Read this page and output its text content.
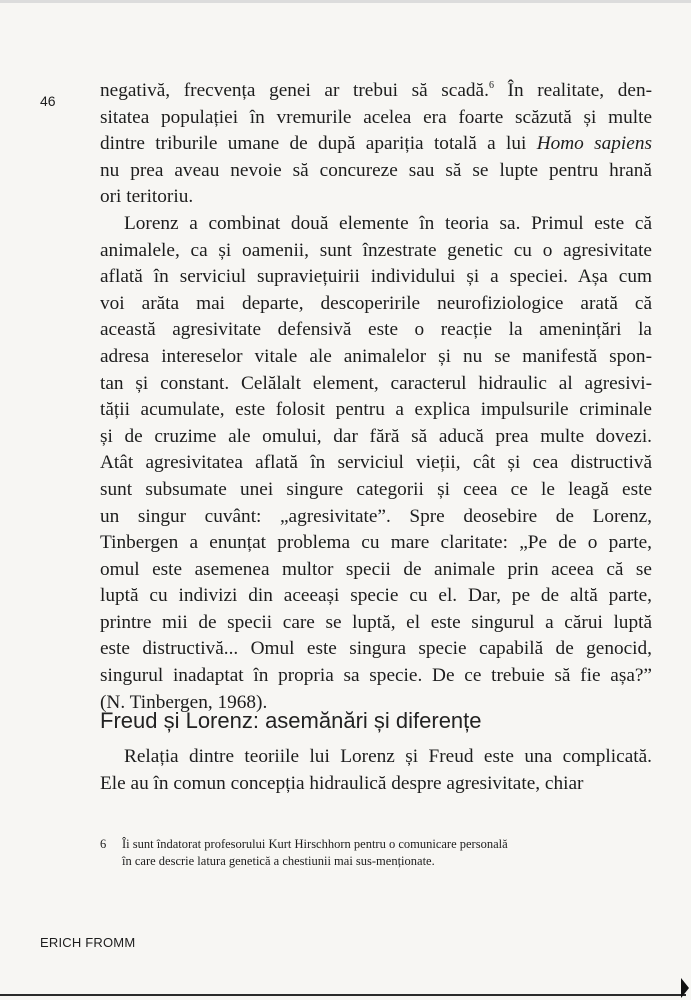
46 negativă, frecvența genei ar trebui să scadă.$^6$ În realitate, den-
sitatea populației în vremurile acelea era foarte scăzută și multe
dintre triburile umane de după apariția totală a lui Homo sapiens
nu prea aveau nevoie să concureze sau să se lupte pentru hrană
ori teritoriu.
Lorenz a combinat două elemente în teoria sa. Primul este că
animalele, ca și oamenii, sunt înzestrate genetic cu o agresivitate
aflată în serviciul supraviețuirii individului și a speciei. Așa cum
voi arăta mai departe, descoperirile neurofiziologice arată că
această agresivitate defensivă este o reacție la amenințări la
adresa intereselor vitale ale animalelor și nu se manifestă spon-
tan și constant. Celălalt element, caracterul hidraulic al agresivi-
tății acumulate, este folosit pentru a explica impulsurile criminale
și de cruzime ale omului, dar fără să aducă prea multe dovezi.
Atât agresivitatea aflată în serviciul vieții, cât și cea distructivă
sunt subsumate unei singure categorii și ceea ce le leagă este
un singur cuvânt: „agresivitate”. Spre deosebire de Lorenz,
Tinbergen a enunțat problema cu mare claritate: „Pe de o parte,
omul este asemenea multor specii de animale prin aceea că se
luptă cu indivizi din aceeași specie cu el. Dar, pe de altă parte,
printre mii de specii care se luptă, el este singurul a cărui luptă
este distructivă... Omul este singura specie capabilă de genocid,
singurul inadaptat în propria sa specie. De ce trebuie să fie așa?”
(N. Tinbergen, 1968).
Freud și Lorenz: asemănări și diferențe
Relația dintre teoriile lui Lorenz și Freud este una complicată.
Ele au în comun concepția hidraulică despre agresivitate, chiar
6	Îi sunt îndatorat profesorului Kurt Hirschhorn pentru o comunicare personală
în care descrie latura genetică a chestiunii mai sus-menționate.
ERICH FROMM
